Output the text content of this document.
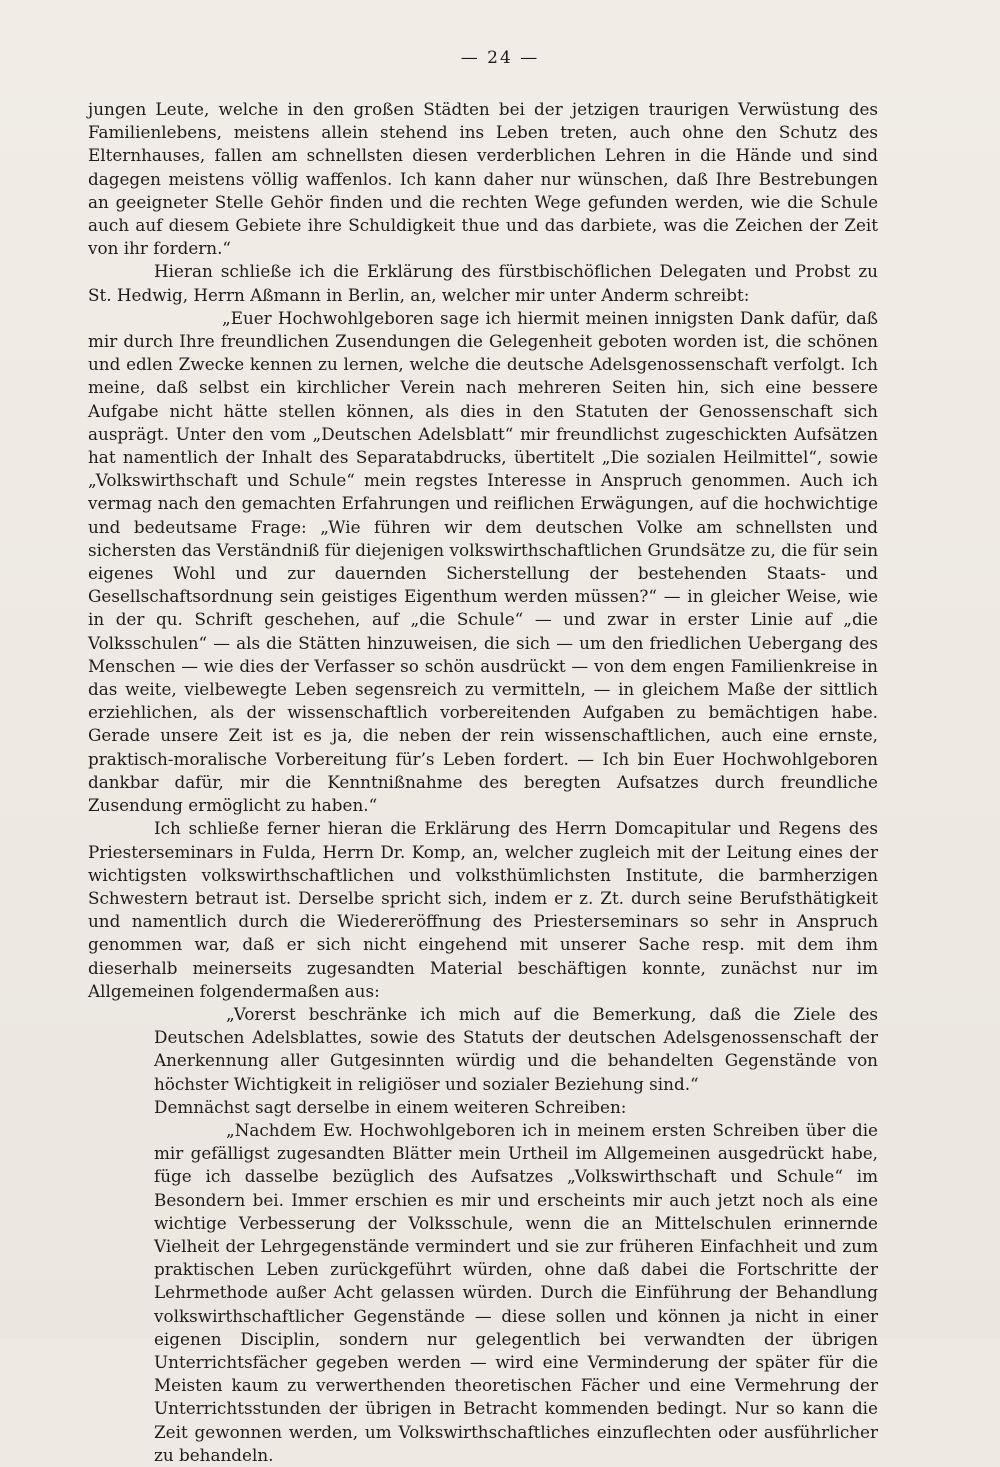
— 24 —

jungen Leute, welche in den großen Städten bei der jetzigen traurigen Verwüstung des Familienlebens, meistens allein stehend ins Leben treten, auch ohne den Schutz des Elternhauses, fallen am schnellsten diesen verderblichen Lehren in die Hände und sind dagegen meistens völlig waffenlos. Ich kann daher nur wünschen, daß Ihre Bestrebungen an geeigneter Stelle Gehör finden und die rechten Wege gefunden werden, wie die Schule auch auf diesem Gebiete ihre Schuldigkeit thue und das darbiete, was die Zeichen der Zeit von ihr fordern.“

Hieran schließe ich die Erklärung des fürstbischöflichen Delegaten und Probst zu St. Hedwig, Herrn Aßmann in Berlin, an, welcher mir unter Anderm schreibt:

„Euer Hochwohlgeboren sage ich hiermit meinen innigsten Dank dafür, daß mir durch Ihre freundlichen Zusendungen die Gelegenheit geboten worden ist, die schönen und edlen Zwecke kennen zu lernen, welche die deutsche Adelsgenossenschaft verfolgt. Ich meine, daß selbst ein kirchlicher Verein nach mehreren Seiten hin, sich eine bessere Aufgabe nicht hätte stellen können, als dies in den Statuten der Genossenschaft sich ausprägt. Unter den vom „Deutschen Adelsblatt“ mir freundlichst zugeschickten Aufsätzen hat namentlich der Inhalt des Separatabdrucks, übertitelt „Die sozialen Heilmittel“, sowie „Volkswirthschaft und Schule“ mein regstes Interesse in Anspruch genommen. Auch ich vermag nach den gemachten Erfahrungen und reiflichen Erwägungen, auf die hochwichtige und bedeutsame Frage: „Wie führen wir dem deutschen Volke am schnellsten und sichersten das Verständniß für diejenigen volkswirthschaftlichen Grundsätze zu, die für sein eigenes Wohl und zur dauernden Sicherstellung der bestehenden Staats- und Gesellschaftsordnung sein geistiges Eigenthum werden müssen?“ — in gleicher Weise, wie in der qu. Schrift geschehen, auf „die Schule“ — und zwar in erster Linie auf „die Volksschulen“ — als die Stätten hinzuweisen, die sich — um den friedlichen Uebergang des Menschen — wie dies der Verfasser so schön ausdrückt — von dem engen Familienkreise in das weite, vielbewegte Leben segensreich zu vermitteln, — in gleichem Maße der sittlich erziehlichen, als der wissenschaftlich vorbereitenden Aufgaben zu bemächtigen habe. Gerade unsere Zeit ist es ja, die neben der rein wissenschaftlichen, auch eine ernste, praktisch-moralische Vorbereitung für’s Leben fordert. — Ich bin Euer Hochwohlgeboren dankbar dafür, mir die Kenntnißnahme des beregten Aufsatzes durch freundliche Zusendung ermöglicht zu haben.“

Ich schließe ferner hieran die Erklärung des Herrn Domcapitular und Regens des Priesterseminars in Fulda, Herrn Dr. Komp, an, welcher zugleich mit der Leitung eines der wichtigsten volkswirthschaftlichen und volksthümlichsten Institute, die barmherzigen Schwestern betraut ist. Derselbe spricht sich, indem er z. Zt. durch seine Berufsthätigkeit und namentlich durch die Wiedereröffnung des Priesterseminars so sehr in Anspruch genommen war, daß er sich nicht eingehend mit unserer Sache resp. mit dem ihm dieserhalb meinerseits zugesandten Material beschäftigen konnte, zunächst nur im Allgemeinen folgendermaßen aus:

„Vorerst beschränke ich mich auf die Bemerkung, daß die Ziele des Deutschen Adelsblattes, sowie des Statuts der deutschen Adelsgenossenschaft der Anerkennung aller Gutgesinnten würdig und die behandelten Gegenstände von höchster Wichtigkeit in religiöser und sozialer Beziehung sind.“

Demnächst sagt derselbe in einem weiteren Schreiben:

„Nachdem Ew. Hochwohlgeboren ich in meinem ersten Schreiben über die mir gefälligst zugesandten Blätter mein Urtheil im Allgemeinen ausgedrückt habe, füge ich dasselbe bezüglich des Aufsatzes „Volkswirthschaft und Schule“ im Besondern bei. Immer erschien es mir und erscheints mir auch jetzt noch als eine wichtige Verbesserung der Volksschule, wenn die an Mittelschulen erinnernde Vielheit der Lehrgegenstände vermindert und sie zur früheren Einfachheit und zum praktischen Leben zurückgeführt würden, ohne daß dabei die Fortschritte der Lehrmethode außer Acht gelassen würden. Durch die Einführung der Behandlung volkswirthschaftlicher Gegenstände — diese sollen und können ja nicht in einer eigenen Disciplin, sondern nur gelegentlich bei verwandten der übrigen Unterrichtsfächer gegeben werden — wird eine Verminderung der später für die Meisten kaum zu verwerthenden theoretischen Fächer und eine Vermehrung der Unterrichtsstunden der übrigen in Betracht kommenden bedingt. Nur so kann die Zeit gewonnen werden, um Volkswirthschaftliches einzuflechten oder ausführlicher zu behandeln.
